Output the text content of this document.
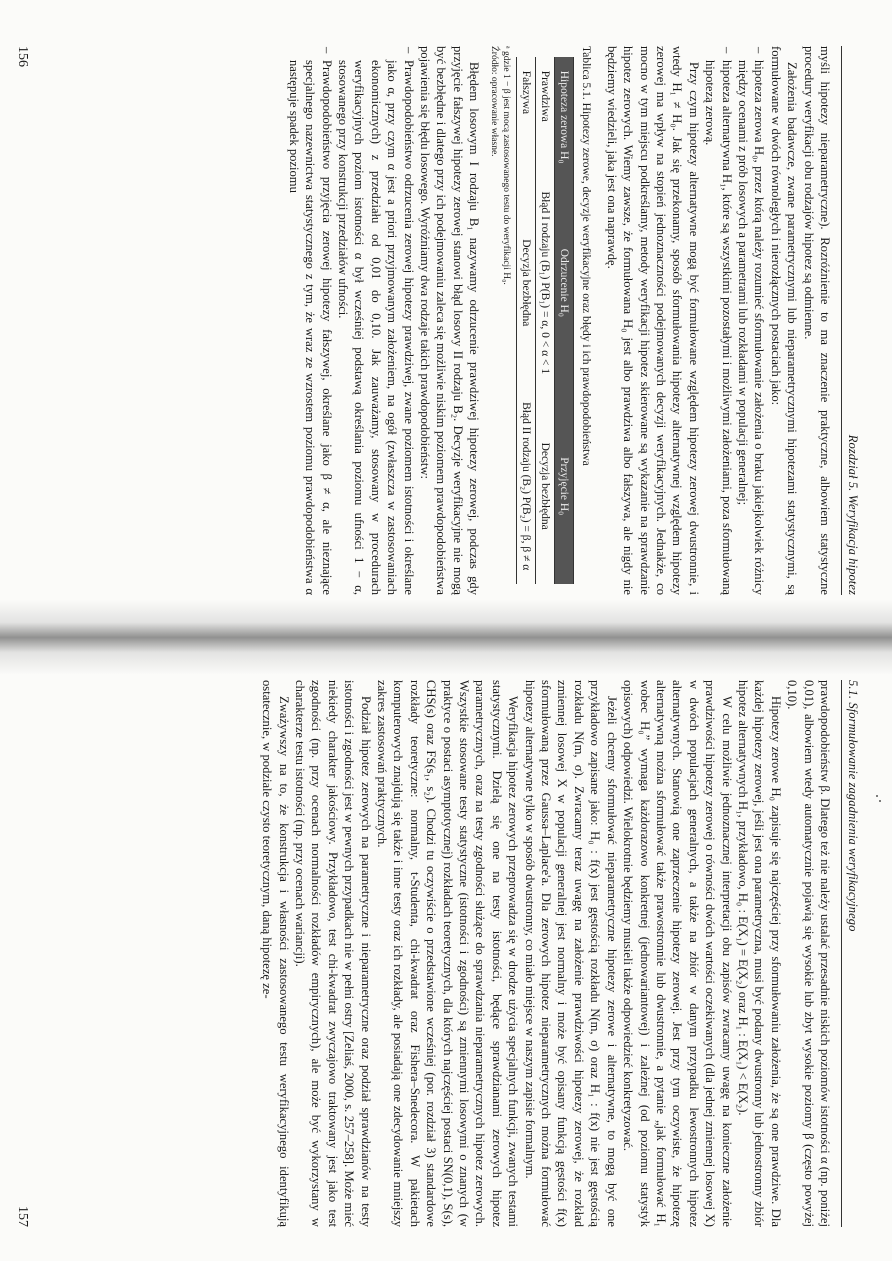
Rozdział 5. Weryfikacja hipotez

myśli hipotezy nieparametryczne). Rozróżnienie to ma znaczenie praktyczne, albowiem statystyczne procedury weryfikacji obu rodzajów hipotez są odmienne.

Założenia badawcze, zwane parametrycznymi lub nieparametrycznymi hipotezami statystycznymi, są formułowane w dwóch równoległych i nierozłącznych postaciach jako:

– hipoteza zerowa H₀, przez którą należy rozumieć sformułowanie założenia o braku jakiejkolwiek różnicy między ocenami z prób losowych a parametrami lub rozkładami w populacji generalnej;
– hipoteza alternatywna H₁, które są wszystkimi pozostałymi i możliwymi założeniami, poza sformułowaną hipotezą zerową.

Przy czym hipotezy alternatywne mogą być formułowane względem hipotezy zerowej dwustronnie, i wtedy H₁ ≠ H₀. Jak się przekonamy, sposób sformułowania hipotezy alternatywnej względem hipotezy zerowej ma wpływ na stopień jednoznaczności podejmowanych decyzji weryfikacyjnych. Jednakże, co mocno w tym miejscu podkreślamy, metody weryfikacji hipotez skierowane są wykazanie na sprawdzanie hipotez zerowych. Wiemy zawsze, że formułowana H₀ jest albo prawdziwa albo fałszywa, ale nigdy nie będziemy wiedzieli, jaka jest ona naprawdę.

Tablica 5.1. Hipotezy zerowe, decyzje weryfikacyjne oraz błędy i ich prawdopodobieństwa
Hipoteza zerowa H₀	Odrzucenie H₀	Przyjęcie H₀
Prawdziwa	Błąd I rodzaju (B₁) P(B₁) = α, 0 < α < 1	Decyzja bezbłędna
Fałszywa	Decyzja bezbłędna	Błąd II rodzaju (B₂) P(B₂) = β, β ≠ α
ᵃ gdzie 1 − β jest mocą zastosowanego testu do weryfikacji H₀.
Źródło: opracowanie własne.

Błędem losowym I rodzaju B₁ nazywamy odrzucenie prawdziwej hipotezy zerowej, podczas gdy przyjęcie fałszywej hipotezy zerowej stanowi błąd losowy II rodzaju B₂. Decyzje weryfikacyjne nie mogą być bezbłędne i dlatego przy ich podejmowaniu zaleca się możliwie niskim poziomem prawdopodobieństwa pojawienia się błędu losowego. Wyróżniamy dwa rodzaje takich prawdopodobieństw:

– Prawdopodobieństwo odrzucenia zerowej hipotezy prawdziwej, zwane poziomem istotności i określane jako α, przy czym α jest a priori przyjmowanym założeniem, na ogół (zwłaszcza w zastosowaniach ekonomicznych) z przedziału od 0,01 do 0,10. Jak zauważamy, stosowany w procedurach weryfikacyjnych poziom istotności α był wcześniej podstawą określania poziomu ufności 1 − α, stosowanego przy konstrukcji przedziałów ufności.
– Prawdopodobieństwo przyjęcia zerowej hipotezy fałszywej, określane jako β ≠ α, ale nieznające specjalnego nazewnictwa statystycznego z tym, że wraz ze wzrostem poziomu prawdopodobieństwa α następuje spadek poziomu
156
5.1. Sformułowanie zagadnienia weryfikacyjnego

prawdopodobieństw β. Dlatego też nie należy ustalać przesadnie niskich poziomów istotności α (np. poniżej 0,01), albowiem wtedy automatycznie pojawią się wysokie lub zbyt wysokie poziomy β (często powyżej 0,10).

Hipotezy zerowe H₀ zapisuje się najczęściej przy sformułowaniu założenia, że są one prawdziwe. Dla każdej hipotezy zerowej, jeśli jest ona parametryczna, musi być podany dwustronny lub jednostronny zbiór hipotez alternatywnych H₁, przykładowo, H₀ : E(X₁) = E(X₂) oraz H₁ : E(X₁) < E(X₂).

W celu możliwie jednoznacznej interpretacji obu zapisów zwracamy uwagę na konieczne założenie prawdziwości hipotezy zerowej o równości dwóch wartości oczekiwanych (dla jednej zmiennej losowej X) w dwóch populacjach generalnych, a także na zbiór w danym przypadku lewostronnych hipotez alternatywnych. Stanowią one zaprzeczenie hipotezy zerowej. Jest przy tym oczywiste, że hipotezę alternatywną można sformułować także prawostronnie lub dwustronnie, a pytanie „jak formułować H₁ wobec H₀” wymaga każdorazowo konkretnej (jednowariantowej) i zależnej (od poziomu statystyk opisowych) odpowiedzi. Wielokrotnie będziemy musieli także odpowiedzieć konkretyzować.

Jeżeli chcemy sformułować nieparametryczne hipotezy zerowe i alternatywne, to mogą być one przykładowo zapisane jako: H₀ : f(x) jest gęstością rozkładu N(m, σ) oraz H₁ : f(x) nie jest gęstością rozkładu N(m, σ). Zwracamy teraz uwagę na założenie prawdziwości hipotezy zerowej, że rozkład zmiennej losowej X w populacji generalnej jest normalny i może być opisany funkcją gęstości f(x) sformułowaną przez Gaussa–Laplace'a. Dla zerowych hipotez nieparametrycznych można formułować hipotezy alternatywne tylko w sposób dwustronny, co miało miejsce w naszym zapisie formalnym.

Weryfikacja hipotez zerowych przeprowadza się w drodze użycia specjalnych funkcji, zwanych testami statystycznymi. Dzielą się one na testy istotności, będące sprawdzianami zerowych hipotez parametrycznych, oraz na testy zgodności służące do sprawdzania nieparametrycznych hipotez zerowych. Wszystkie stosowane testy statystyczne (istotności i zgodności) są zmiennymi losowymi o znanych (w praktyce o postaci asymptotycznej) rozkładach teoretycznych, dla których najczęściej postaci SN(0,1), S(s), CHS(s) oraz FS(s₁, s₂). Chodzi tu oczywiście o przedstawione wcześniej (por. rozdział 3) standardowe rozkłady teoretyczne: normalny, t-Studenta, chi-kwadrat oraz Fishera–Snedecora. W pakietach komputerowych znajdują się także i inne testy oraz ich rozkłady, ale posiadają one zdecydowanie mniejszy zakres zastosowań praktycznych.

Podział hipotez zerowych na parametryczne i nieparametryczne oraz podział sprawdzianów na testy istotności i zgodności jest w pewnych przypadkach nie w pełni ostry [Zeliaś, 2000, s. 257–258]. Może mieć niekiedy charakter jakościowy. Przykładowo, test chi-kwadrat zwyczajowo traktowany jest jako test zgodności (np. przy ocenach normalności rozkładów empirycznych), ale może być wykorzystany w charakterze testu istotności (np. przy ocenach wariancji).

Zważywszy na to, że konstrukcja i własności zastosowanego testu weryfikacyjnego identyfikują ostatecznie, w podziale czysto teoretycznym, daną hipotezę ze-

157
